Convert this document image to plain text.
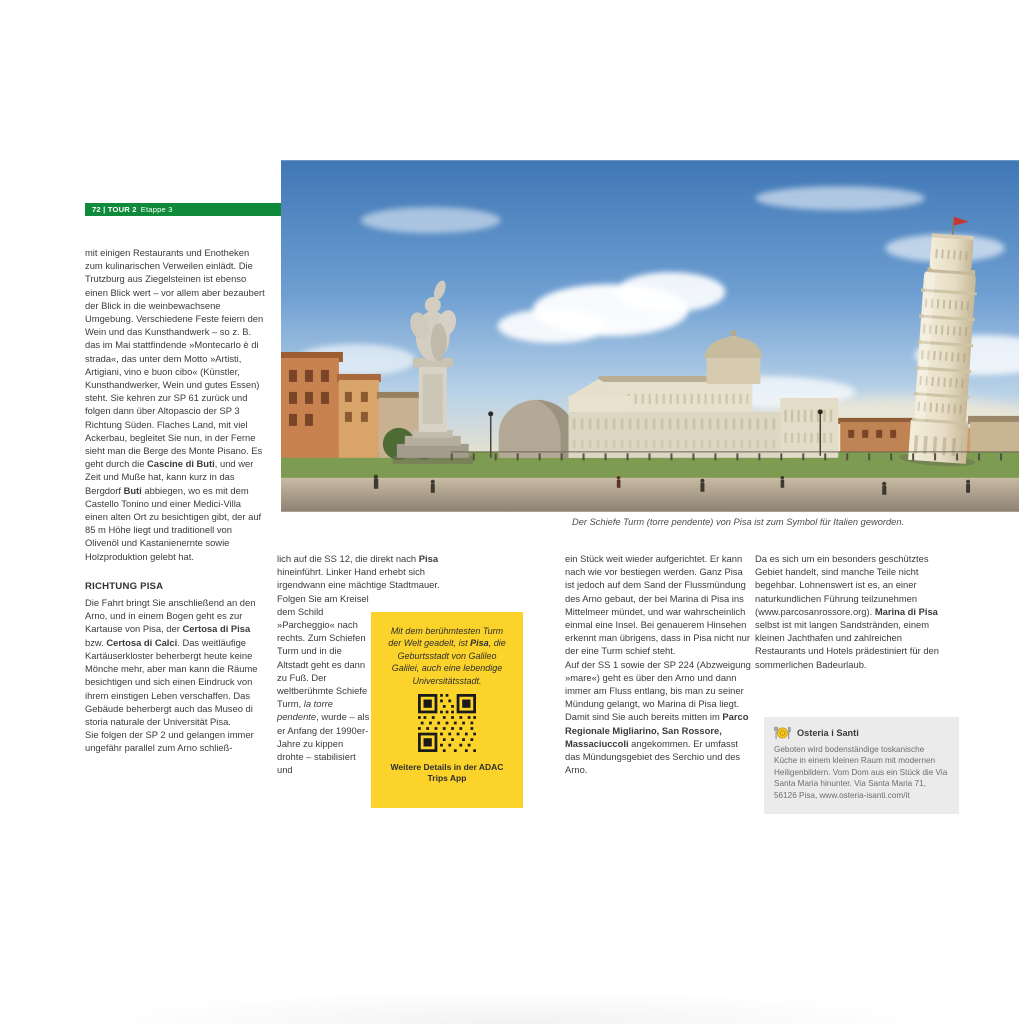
72 | TOUR 2 Etappe 3
Der Schiefe Turm (torre pendente) von Pisa ist zum Symbol für Italien geworden.

mit einigen Restaurants und Enotheken zum kulinarischen Verweilen einlädt. Die Trutzburg aus Ziegelsteinen ist ebenso einen Blick wert – vor allem aber bezaubert der Blick in die weinbewachsene Umgebung. Verschiedene Feste feiern den Wein und das Kunsthandwerk – so z. B. das im Mai stattfindende »Montecarlo è di strada«, das unter dem Motto »Artisti, Artigiani, vino e buon cibo« (Künstler, Kunsthandwerker, Wein und gutes Essen) steht. Sie kehren zur SP 61 zurück und folgen dann über Altopascio der SP 3 Richtung Süden. Flaches Land, mit viel Ackerbau, begleitet Sie nun, in der Ferne sieht man die Berge des Monte Pisano. Es geht durch die Cascine di Buti, und wer Zeit und Muße hat, kann kurz in das Bergdorf Buti abbiegen, wo es mit dem Castello Tonino und einer Medici-Villa einen alten Ort zu besichtigen gibt, der auf 85 m Höhe liegt und traditionell von Olivenöl und Kastanienernte sowie Holzproduktion gelebt hat.

RICHTUNG PISA

Die Fahrt bringt Sie anschließend an den Arno, und in einem Bogen geht es zur Kartause von Pisa, der Certosa di Pisa bzw. Certosa di Calci. Das weitläufige Kartäuserkloster beherbergt heute keine Mönche mehr, aber man kann die Räume besichtigen und sich einen Eindruck von ihrem einstigen Leben verschaffen. Das Gebäude beherbergt auch das Museo di storia naturale der Universität Pisa.

Sie folgen der SP 2 und gelangen immer ungefähr parallel zum Arno schließ-

lich auf die SS 12, die direkt nach Pisa hineinführt. Linker Hand erhebt sich irgendwann eine mächtige Stadtmauer.

Folgen Sie am Kreisel dem Schild »Parcheggio« nach rechts. Zum Schiefen Turm und in die Altstadt geht es dann zu Fuß. Der weltberühmte Schiefe Turm, la torre pendente, wurde – als er Anfang der 1990er-Jahre zu kippen drohte – stabilisiert und

Mit dem berühmtesten Turm der Welt geadelt, ist Pisa, die Geburtsstadt von Galileo Galilei, auch eine lebendige Universitätsstadt.

Weitere Details in der ADAC Trips App

ein Stück weit wieder aufgerichtet. Er kann nach wie vor bestiegen werden. Ganz Pisa ist jedoch auf dem Sand der Flussmündung des Arno gebaut, der bei Marina di Pisa ins Mittelmeer mündet, und war wahrscheinlich einmal eine Insel. Bei genauerem Hinsehen erkennt man übrigens, dass in Pisa nicht nur der eine Turm schief steht.

Auf der SS 1 sowie der SP 224 (Abzweigung »mare«) geht es über den Arno und dann immer am Fluss entlang, bis man zu seiner Mündung gelangt, wo Marina di Pisa liegt. Damit sind Sie auch bereits mitten im Parco Regionale Migliarino, San Rossore, Massaciuccoli angekommen. Er umfasst das Mündungsgebiet des Serchio und des Arno.

Da es sich um ein besonders geschütztes Gebiet handelt, sind manche Teile nicht begehbar. Lohnenswert ist es, an einer naturkundlichen Führung teilzunehmen (www.parcosanrossore.org). Marina di Pisa selbst ist mit langen Sandstränden, einem kleinen Jachthafen und zahlreichen Restaurants und Hotels prädestiniert für den sommerlichen Badeurlaub.

Osteria i Santi

Geboten wird bodenständige toskanische Küche in einem kleinen Raum mit modernen Heiligenbildern. Vom Dom aus ein Stück die Via Santa Maria hinunter. Via Santa Maria 71, 56126 Pisa, www.osteria-isanti.com/it
